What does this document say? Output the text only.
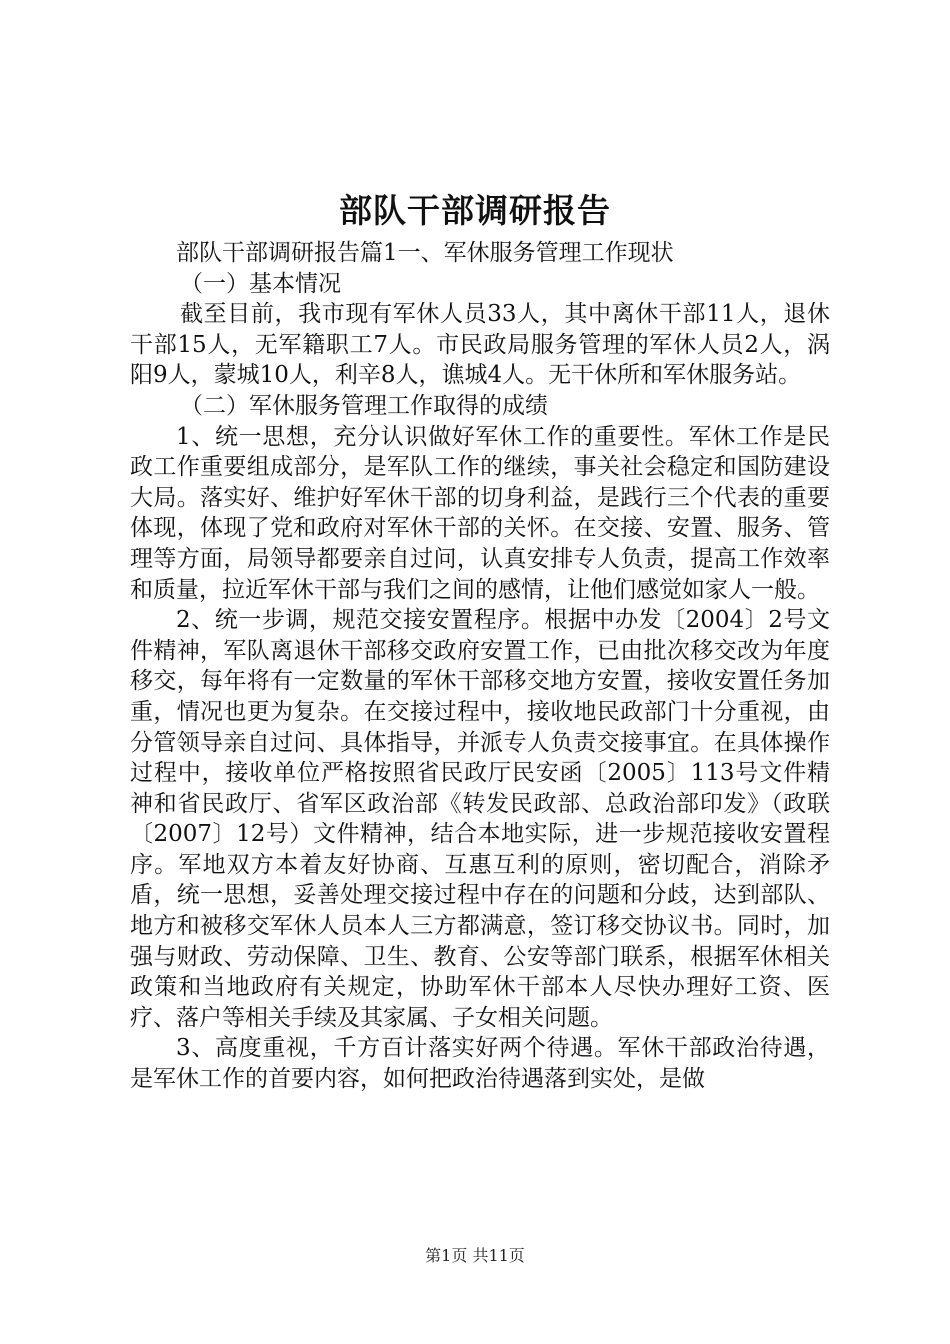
部队干部调研报告

部队干部调研报告篇1一、军休服务管理工作现状

（一）基本情况

截至目前，我市现有军休人员33人，其中离休干部11人，退休干部15人，无军籍职工7人。市民政局服务管理的军休人员2人，涡阳9人，蒙城10人，利辛8人，谯城4人。无干休所和军休服务站。

（二）军休服务管理工作取得的成绩

1、统一思想，充分认识做好军休工作的重要性。军休工作是民政工作重要组成部分，是军队工作的继续，事关社会稳定和国防建设大局。落实好、维护好军休干部的切身利益，是践行三个代表的重要体现，体现了党和政府对军休干部的关怀。在交接、安置、服务、管理等方面，局领导都要亲自过问，认真安排专人负责，提高工作效率和质量，拉近军休干部与我们之间的感情，让他们感觉如家人一般。

2、统一步调，规范交接安置程序。根据中办发〔2004〕2号文件精神，军队离退休干部移交政府安置工作，已由批次移交改为年度移交，每年将有一定数量的军休干部移交地方安置，接收安置任务加重，情况也更为复杂。在交接过程中，接收地民政部门十分重视，由分管领导亲自过问、具体指导，并派专人负责交接事宜。在具体操作过程中，接收单位严格按照省民政厅民安函〔2005〕113号文件精神和省民政厅、省军区政治部《转发民政部、总政治部印发》（政联〔2007〕12号）文件精神，结合本地实际，进一步规范接收安置程序。军地双方本着友好协商、互惠互利的原则，密切配合，消除矛盾，统一思想，妥善处理交接过程中存在的问题和分歧，达到部队、地方和被移交军休人员本人三方都满意，签订移交协议书。同时，加强与财政、劳动保障、卫生、教育、公安等部门联系，根据军休相关政策和当地政府有关规定，协助军休干部本人尽快办理好工资、医疗、落户等相关手续及其家属、子女相关问题。

3、高度重视，千方百计落实好两个待遇。军休干部政治待遇，是军休工作的首要内容，如何把政治待遇落到实处，是做

第1页 共11页
